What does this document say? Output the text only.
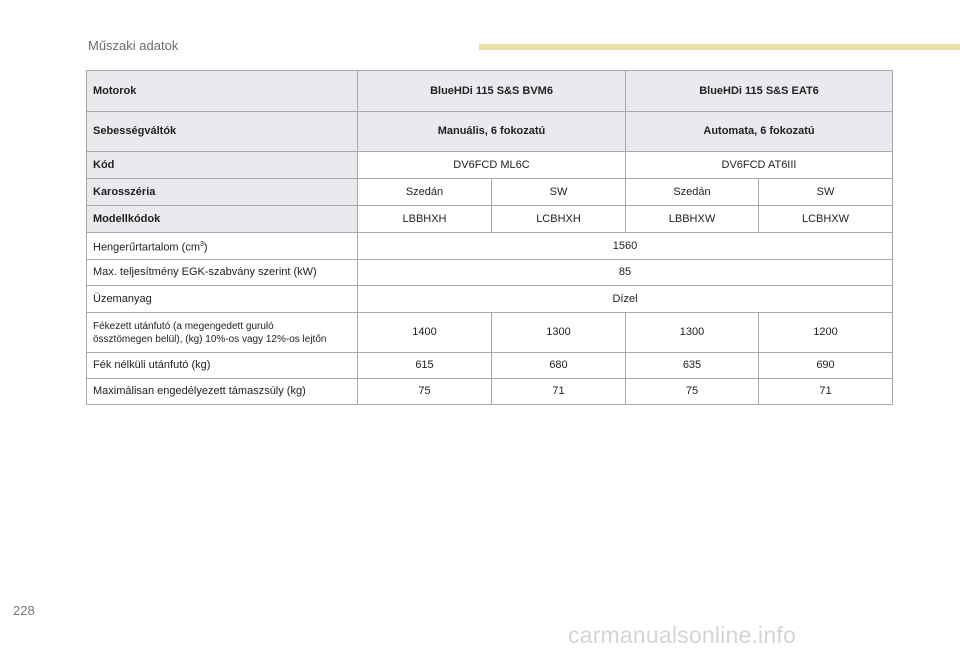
Műszaki adatok
Motorok	BlueHDi 115 S&S BVM6		BlueHDi 115 S&S EAT6	
Sebességváltók	Manuális, 6 fokozatú		Automata, 6 fokozatú	
Kód	DV6FCD ML6C		DV6FCD AT6III	
Karosszéria	Szedán	SW	Szedán	SW
Modellkódok	LBBHXH	LCBHXH	LBBHXW	LCBHXW
Hengerűrtartalom $(cm^3)$	1560			
Max. teljesítmény EGK-szabvány szerint (kW)	85			
Üzemanyag	Dízel			
Fékezett utánfutó (a megengedett guruló
össztömegen belül), (kg) 10%-os vagy 12%-os lejtőn	1400	1300	1300	1200
Fék nélküli utánfutó (kg)	615	680	635	690
Maximálisan engedélyezett támaszsúly (kg)	75	71	75	71
228
carmanualsonline.info
